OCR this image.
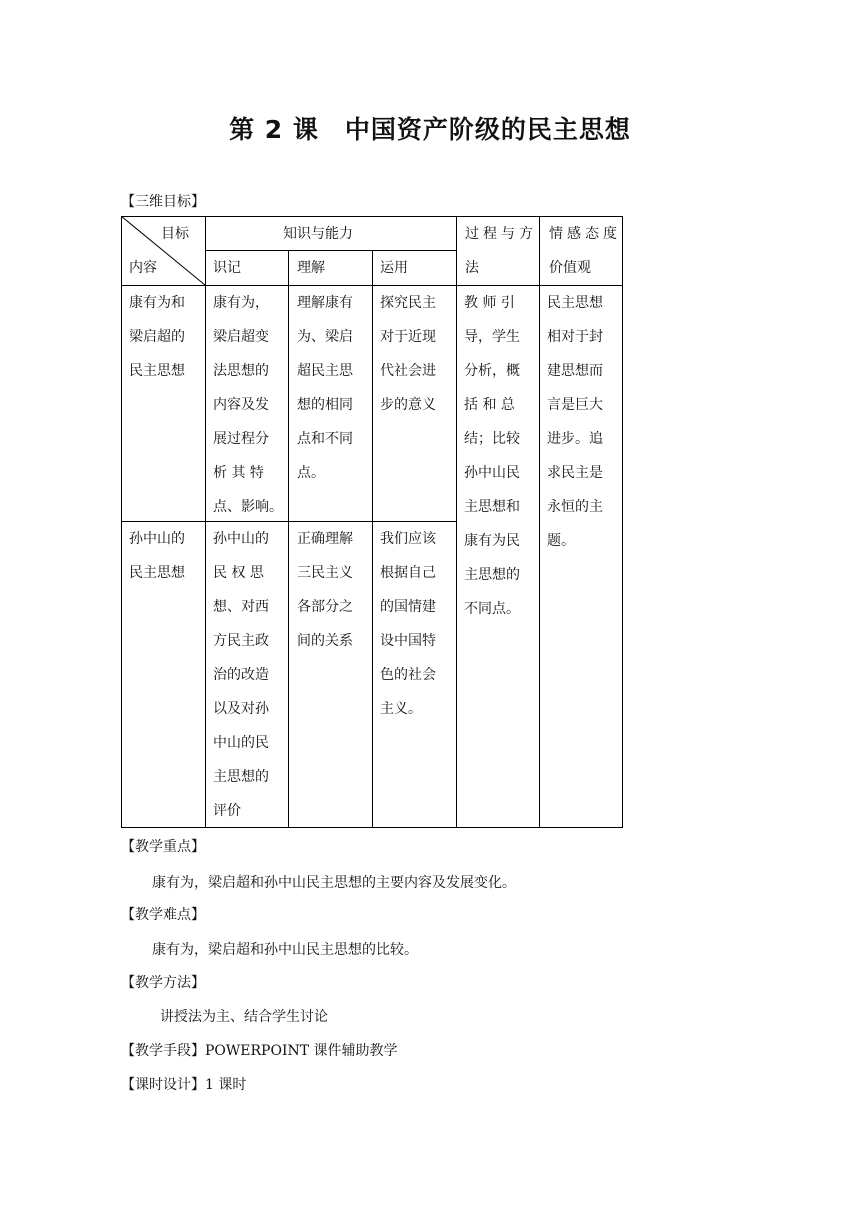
第 2 课　中国资产阶级的民主思想
【三维目标】
目标
内容
知识与能力
识记	理解	运用
过程与方
法
情感态度
价值观
康有为和
梁启超的
民主思想
康有为，
梁启超变
法思想的
内容及发
展过程分
析 其 特
点、影响。
理解康有
为、梁启
超民主思
想的相同
点和不同
点。
探究民主
对于近现
代社会进
步的意义
教 师 引
导，学生
分析，概
括 和 总
结；比较
孙中山民
主思想和
康有为民
主思想的
不同点。
民主思想
相对于封
建思想而
言是巨大
进步。追
求民主是
永恒的主
题。
孙中山的
民主思想
孙中山的
民 权 思
想、对西
方民主政
治的改造
以及对孙
中山的民
主思想的
评价
正确理解
三民主义
各部分之
间的关系
我们应该
根据自己
的国情建
设中国特
色的社会
主义。
【教学重点】
康有为，梁启超和孙中山民主思想的主要内容及发展变化。
【教学难点】
康有为，梁启超和孙中山民主思想的比较。
【教学方法】
讲授法为主、结合学生讨论
【教学手段】POWERPOINT 课件辅助教学
【课时设计】1 课时
